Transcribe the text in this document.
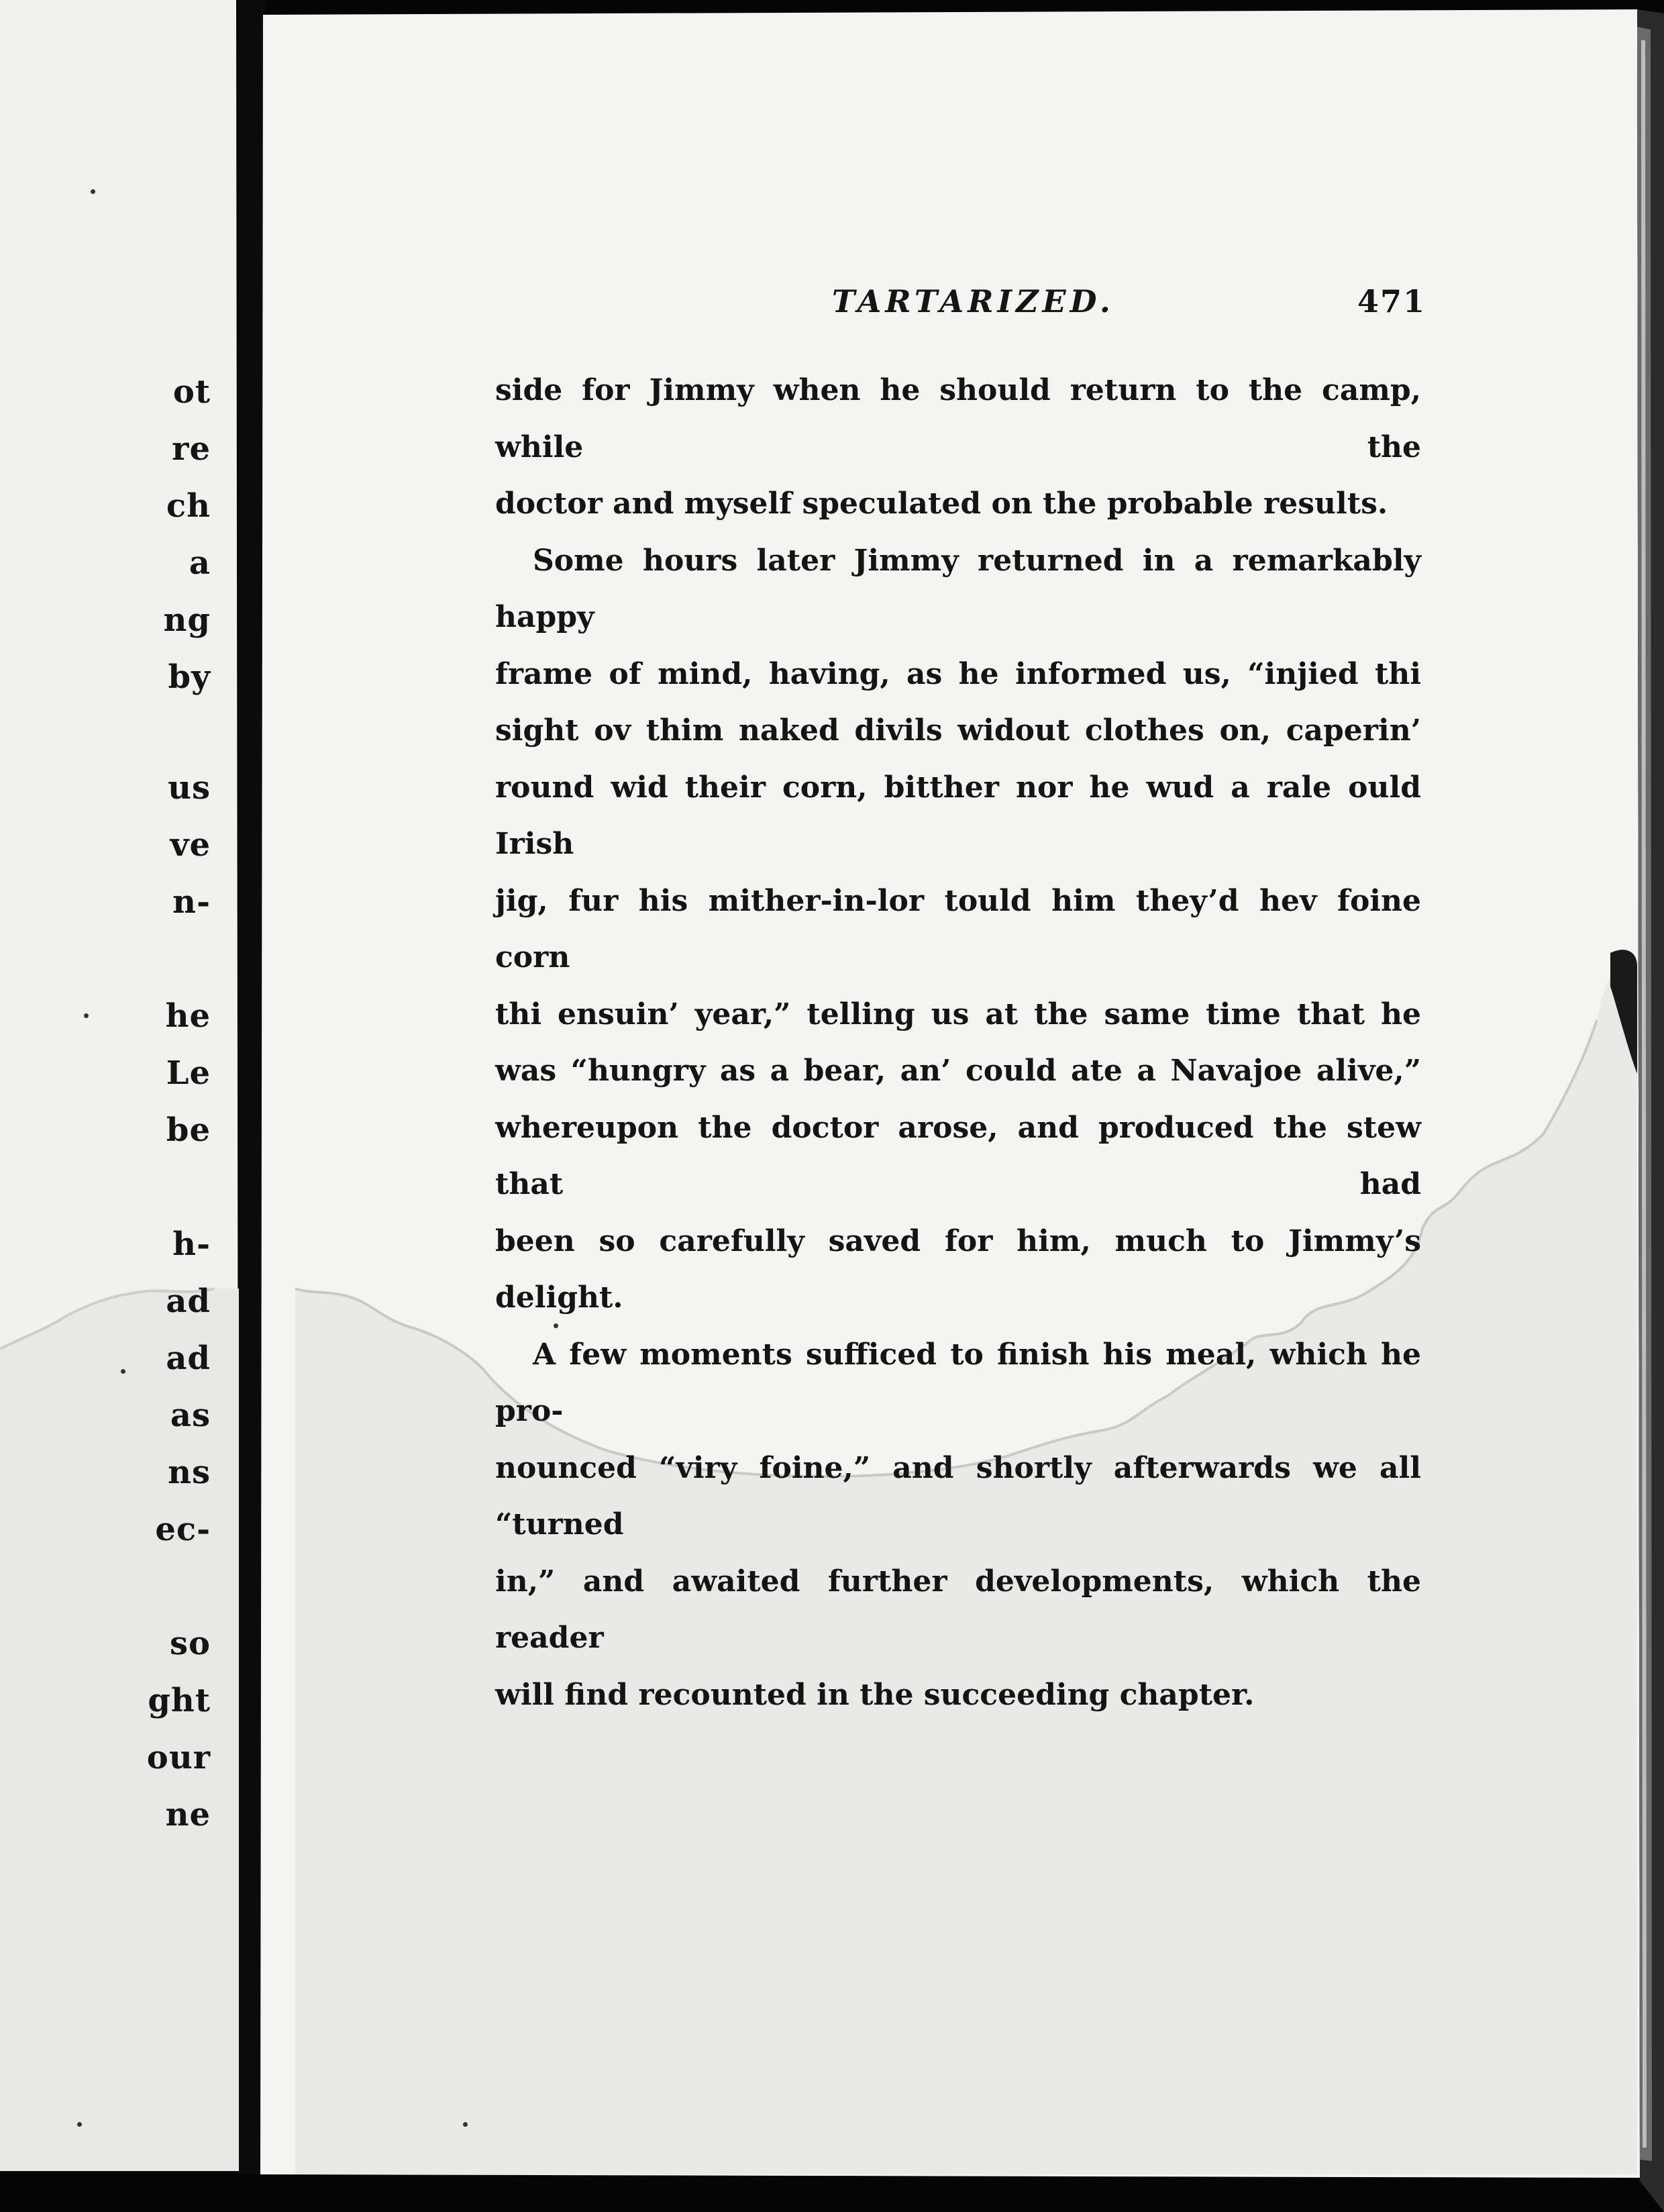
ot
re
ch
a
ng
by
us
ve
n-
he
Le
be
h-
ad
ad
as
ns
ec-
so
ght
our
ne
TARTARIZED.	471

side for Jimmy when he should return to the camp, while the

doctor and myself speculated on the probable results.

Some hours later Jimmy returned in a remarkably happy

frame of mind, having, as he informed us, “injied thi

sight ov thim naked divils widout clothes on, caperin’

round wid their corn, bitther nor he wud a rale ould Irish

jig, fur his mither-in-lor tould him they’d hev foine corn

thi ensuin’ year,” telling us at the same time that he

was “hungry as a bear, an’ could ate a Navajoe alive,”

whereupon the doctor arose, and produced the stew that had

been so carefully saved for him, much to Jimmy’s delight.

A few moments sufficed to finish his meal, which he pro-

nounced “viry foine,” and shortly afterwards we all “turned

in,” and awaited further developments, which the reader

will find recounted in the succeeding chapter.
